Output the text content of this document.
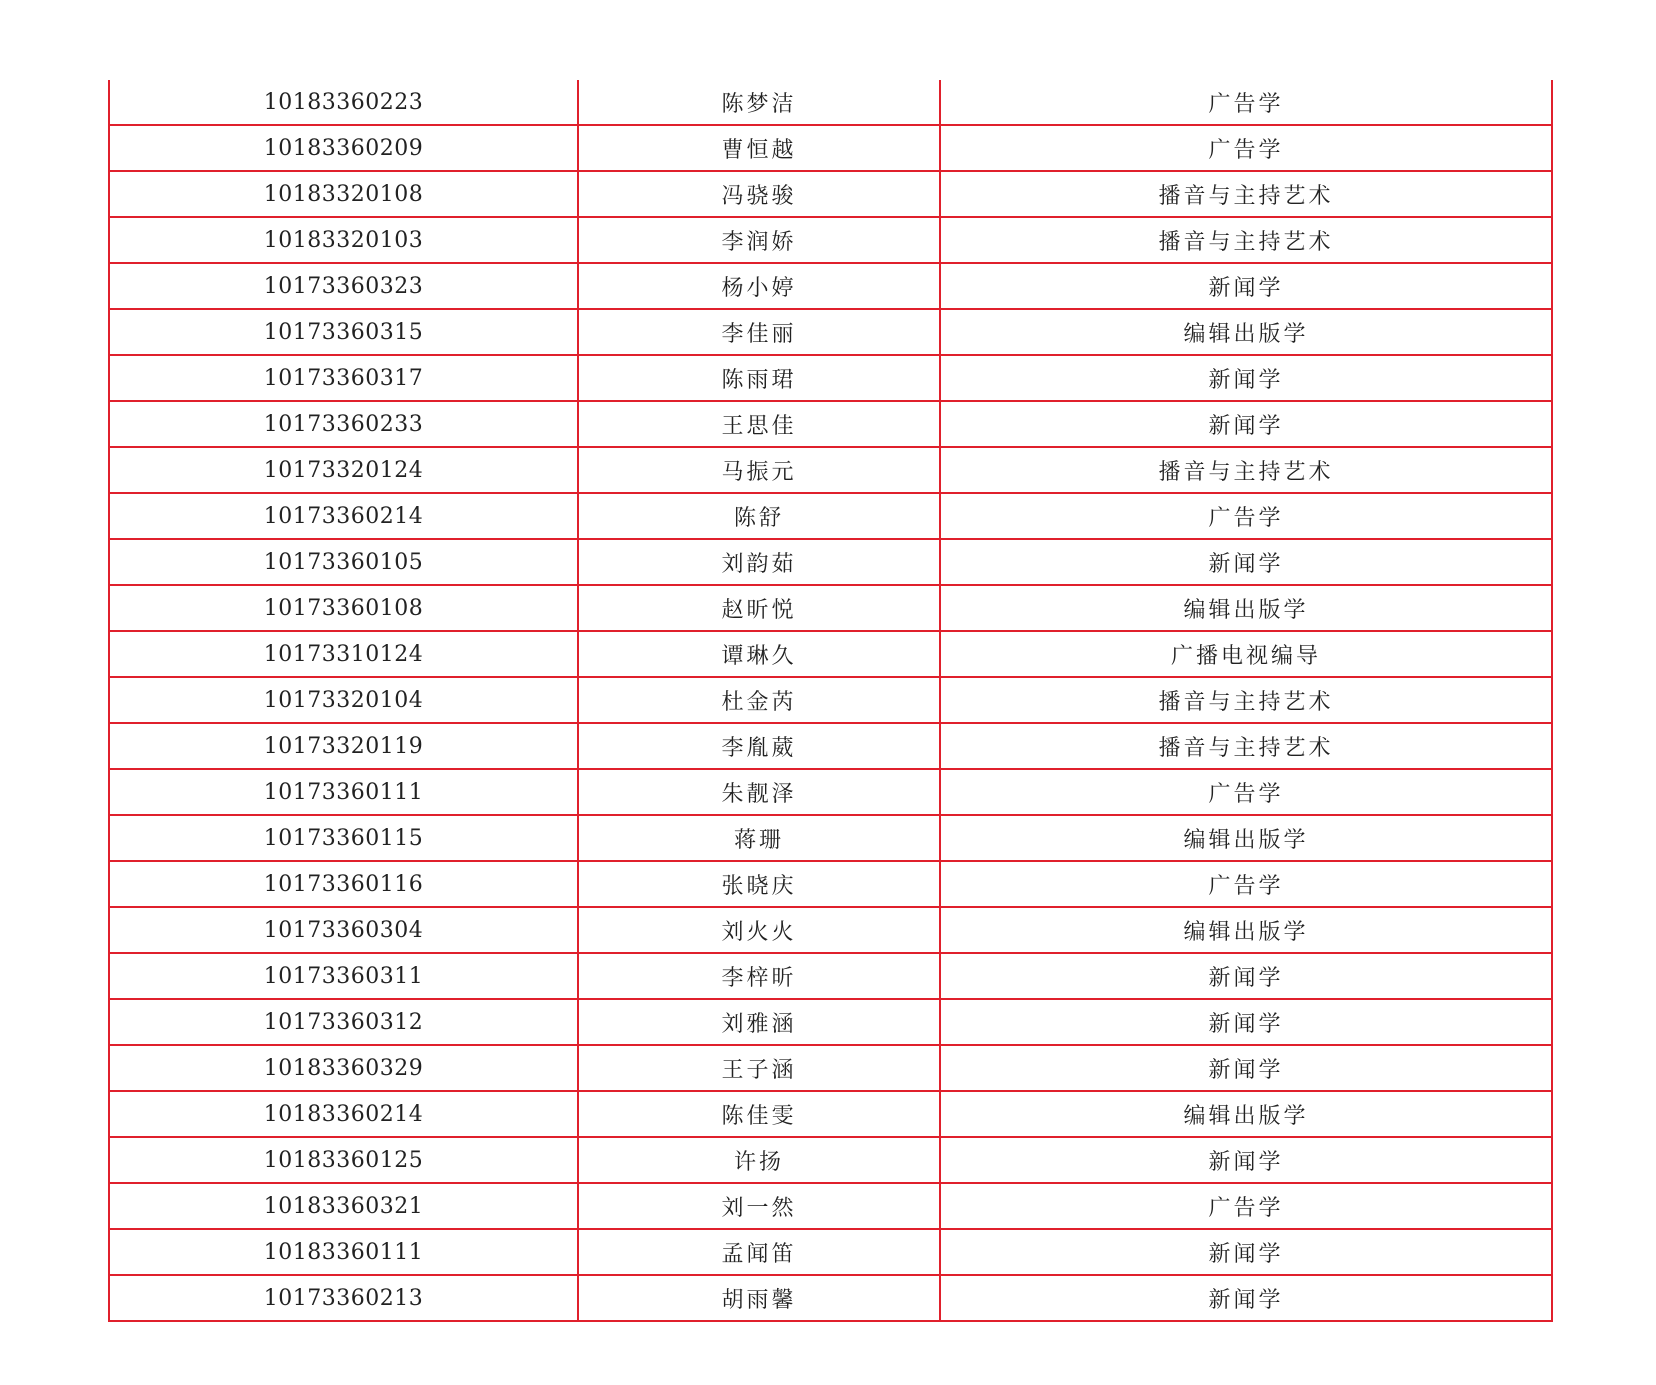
10183360223	陈梦洁	广告学
10183360209	曹恒越	广告学
10183320108	冯骁骏	播音与主持艺术
10183320103	李润娇	播音与主持艺术
10173360323	杨小婷	新闻学
10173360315	李佳丽	编辑出版学
10173360317	陈雨珺	新闻学
10173360233	王思佳	新闻学
10173320124	马振元	播音与主持艺术
10173360214	陈舒	广告学
10173360105	刘韵茹	新闻学
10173360108	赵昕悦	编辑出版学
10173310124	谭琳久	广播电视编导
10173320104	杜金芮	播音与主持艺术
10173320119	李胤葳	播音与主持艺术
10173360111	朱靓泽	广告学
10173360115	蒋珊	编辑出版学
10173360116	张晓庆	广告学
10173360304	刘火火	编辑出版学
10173360311	李梓昕	新闻学
10173360312	刘雅涵	新闻学
10183360329	王子涵	新闻学
10183360214	陈佳雯	编辑出版学
10183360125	许扬	新闻学
10183360321	刘一然	广告学
10183360111	孟闻笛	新闻学
10173360213	胡雨馨	新闻学
